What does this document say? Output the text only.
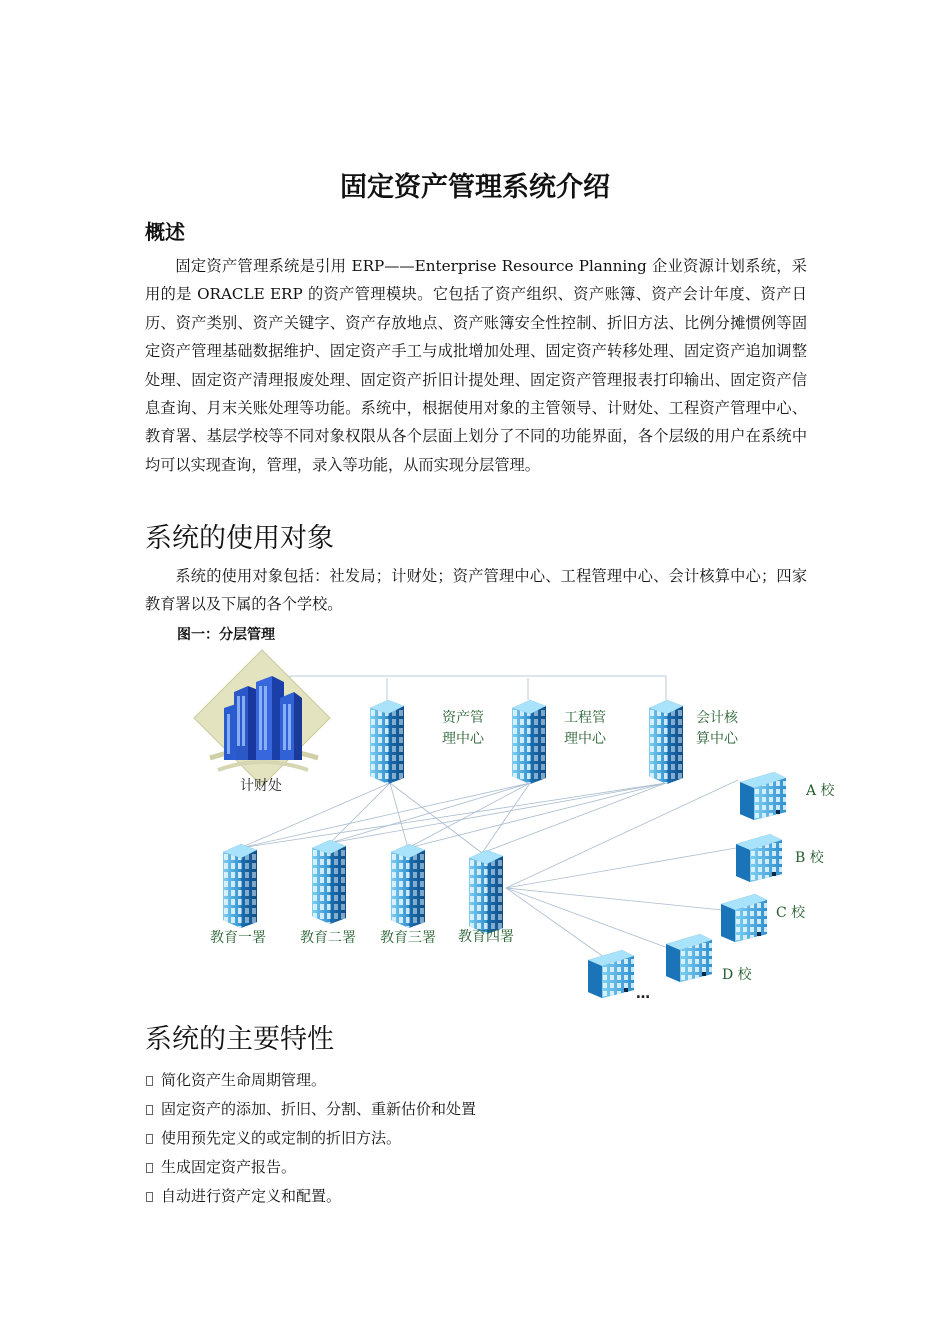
固定资产管理系统介绍
概述
固定资产管理系统是引用 ERP——Enterprise Resource Planning 企业资源计划系统，采用的是 ORACLE ERP 的资产管理模块。它包括了资产组织、资产账簿、资产会计年度、资产日历、资产类别、资产关键字、资产存放地点、资产账簿安全性控制、折旧方法、比例分摊惯例等固定资产管理基础数据维护、固定资产手工与成批增加处理、固定资产转移处理、固定资产追加调整处理、固定资产清理报废处理、固定资产折旧计提处理、固定资产管理报表打印输出、固定资产信息查询、月末关账处理等功能。系统中，根据使用对象的主管领导、计财处、工程资产管理中心、教育署、基层学校等不同对象权限从各个层面上划分了不同的功能界面，各个层级的用户在系统中均可以实现查询，管理，录入等功能，从而实现分层管理。
系统的使用对象
系统的使用对象包括：社发局；计财处；资产管理中心、工程管理中心、会计核算中心；四家教育署以及下属的各个学校。
图一：分层管理
计财处
资产管
理中心
工程管
理中心
会计核
算中心
教育一署 教育二署 教育三署 教育四署
A 校
B 校
C 校
D 校
…
系统的主要特性
简化资产生命周期管理。
固定资产的添加、折旧、分割、重新估价和处置
使用预先定义的或定制的折旧方法。
生成固定资产报告。
自动进行资产定义和配置。
